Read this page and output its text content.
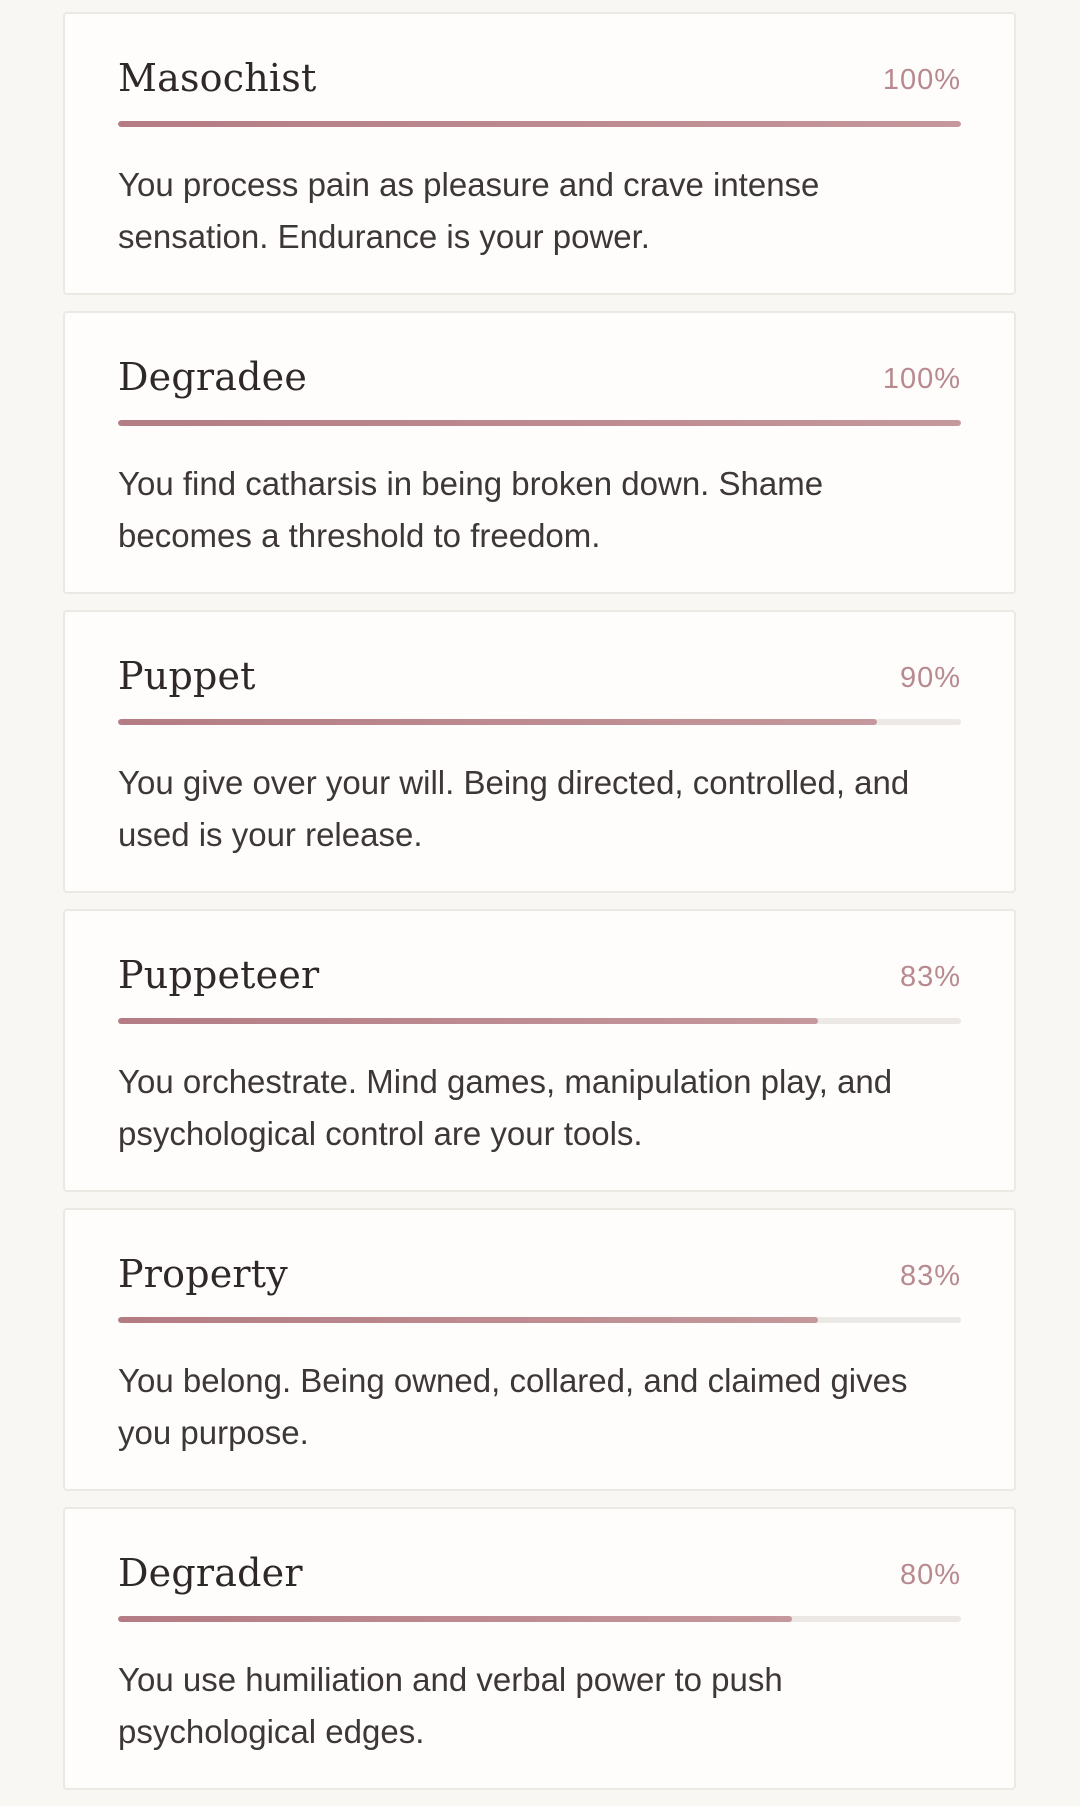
Masochist	100%

You process pain as pleasure and crave intense sensation. Endurance is your power.

Degradee	100%

You find catharsis in being broken down. Shame becomes a threshold to freedom.

Puppet	90%

You give over your will. Being directed, controlled, and used is your release.

Puppeteer	83%

You orchestrate. Mind games, manipulation play, and psychological control are your tools.

Property	83%

You belong. Being owned, collared, and claimed gives you purpose.

Degrader	80%

You use humiliation and verbal power to push psychological edges.
